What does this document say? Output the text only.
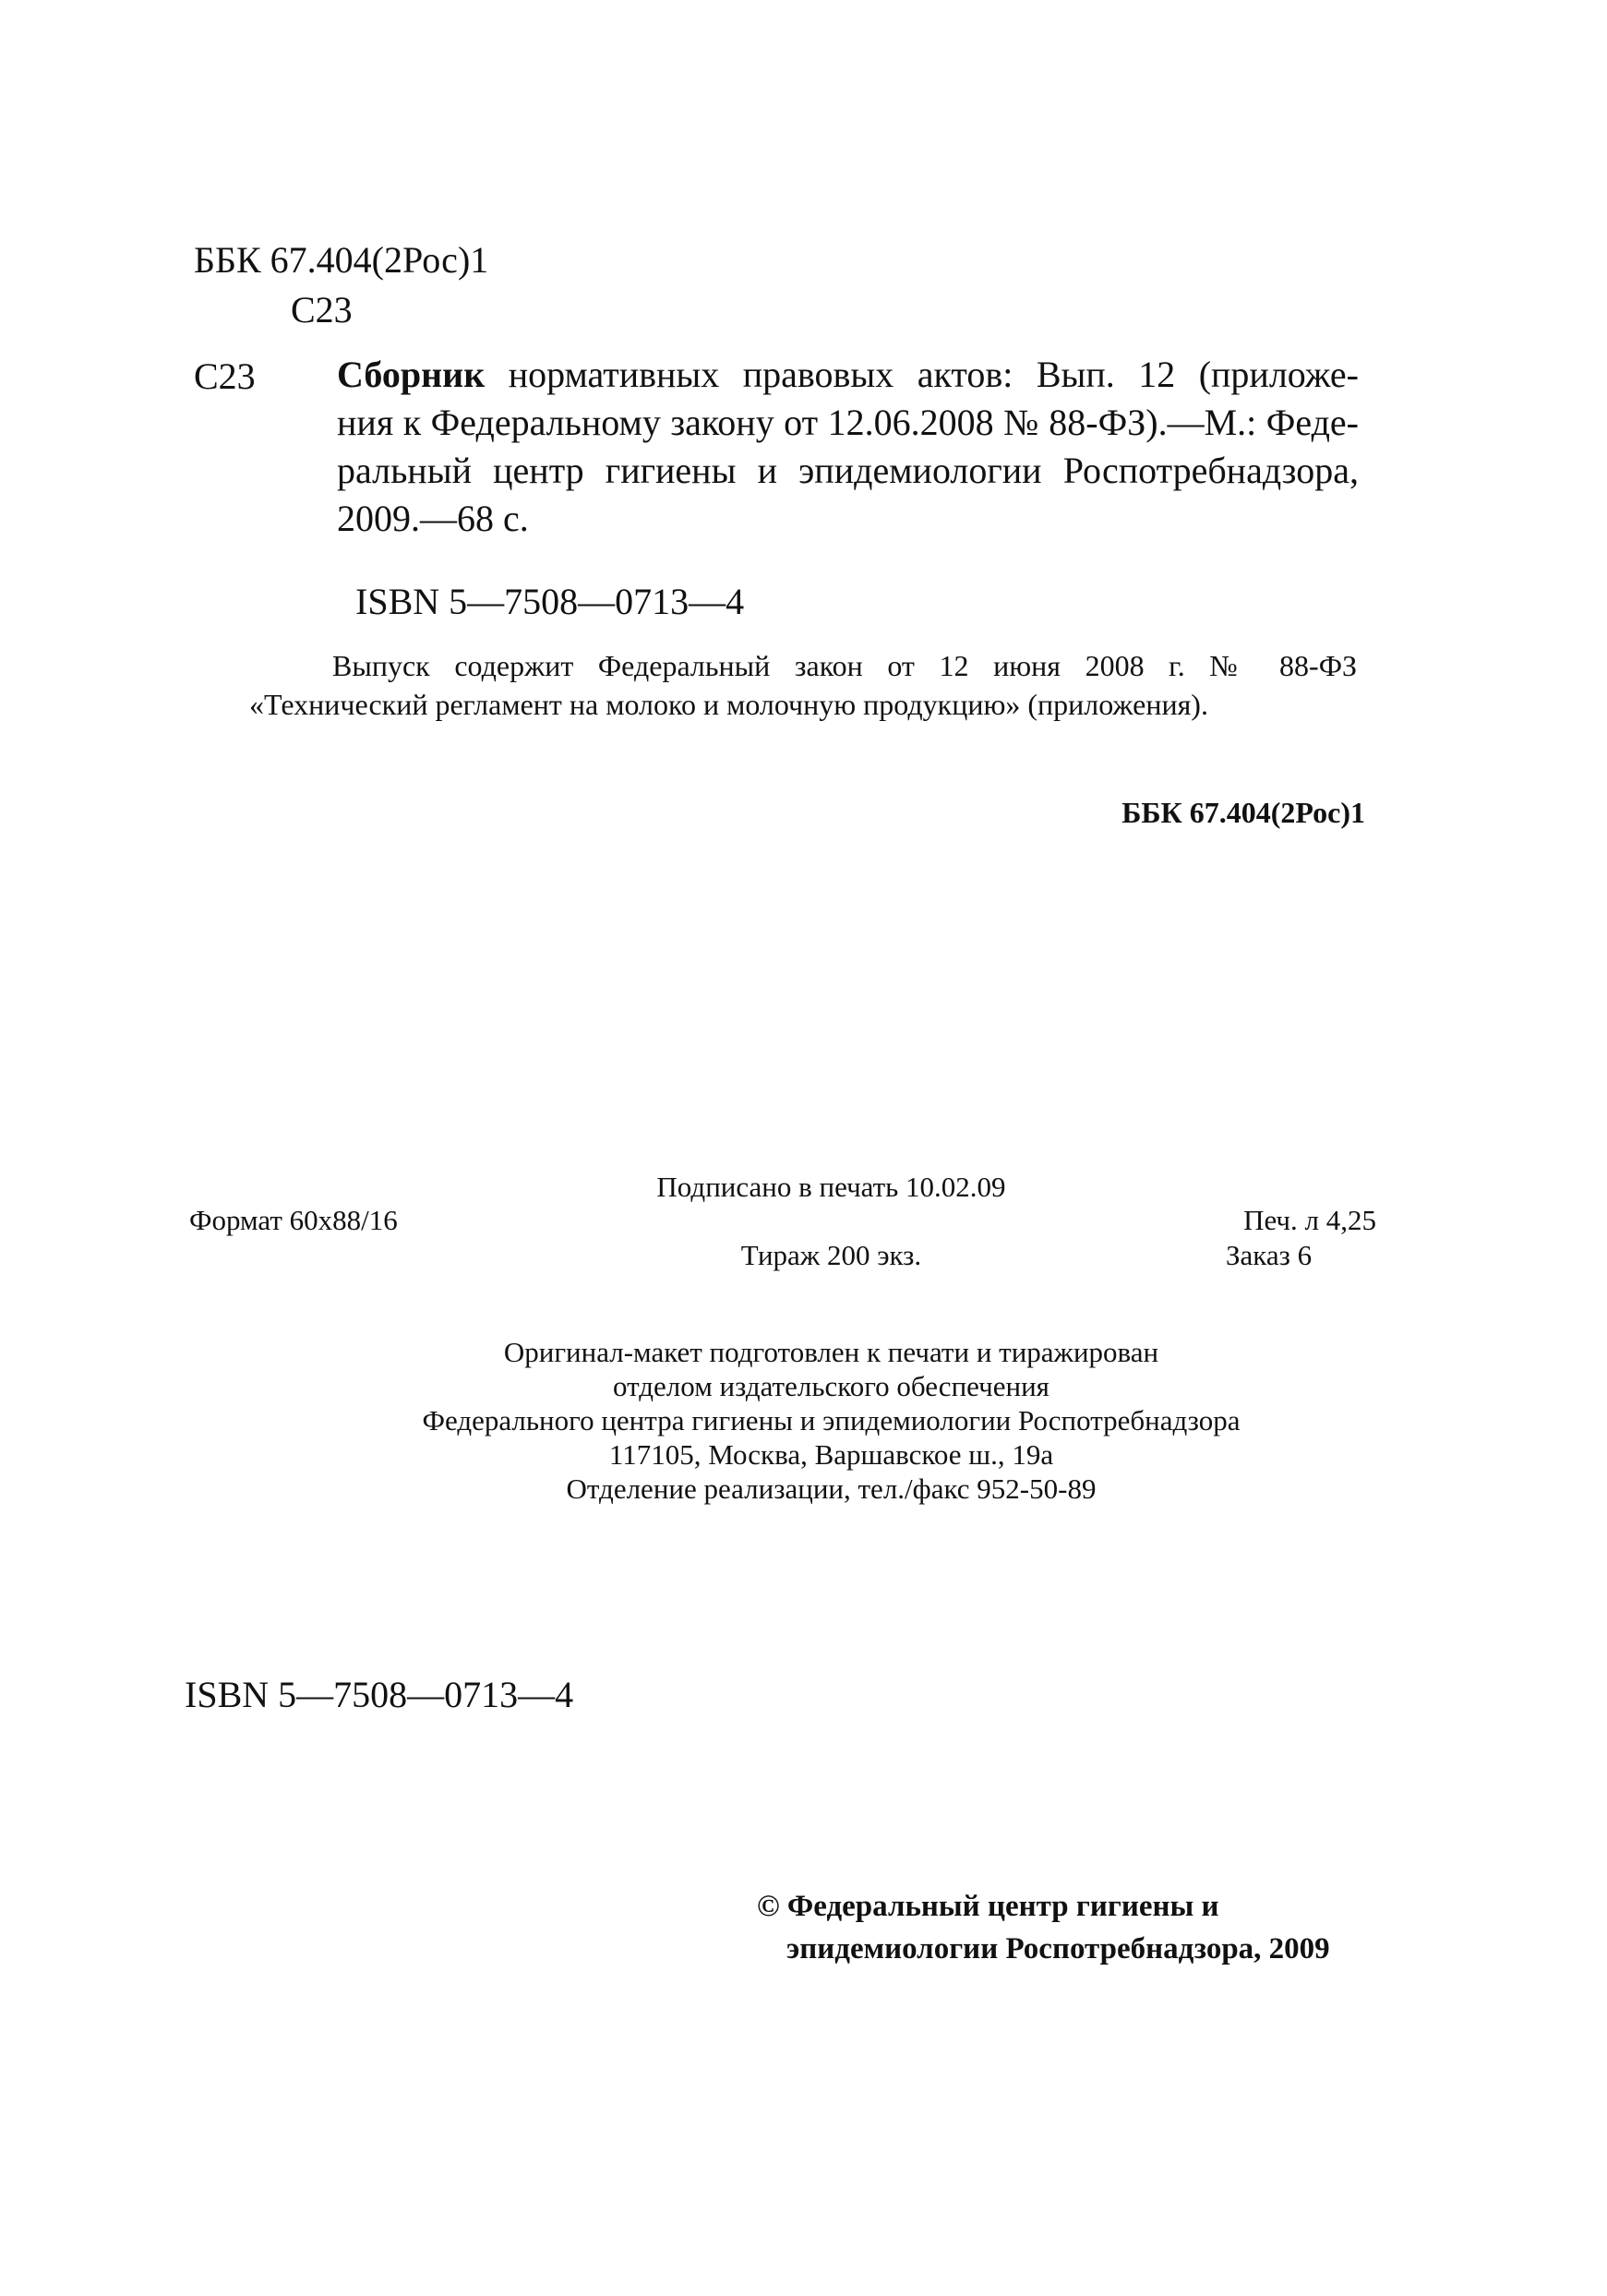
ББК 67.404(2Рос)1
С23
С23 Сборник нормативных правовых актов: Вып. 12 (приложе-
ния к Федеральному закону от 12.06.2008 № 88-ФЗ).—М.: Феде-
ральный центр гигиены и эпидемиологии Роспотребнадзора,
2009.—68 с.
ISBN 5—7508—0713—4
Выпуск содержит Федеральный закон от 12 июня 2008 г. № 88-ФЗ
«Технический регламент на молоко и молочную продукцию» (приложения).
ББК 67.404(2Рос)1
Подписано в печать 10.02.09
Формат 60x88/16	Печ. л 4,25
Тираж 200 экз.	Заказ 6
Оригинал-макет подготовлен к печати и тиражирован
отделом издательского обеспечения
Федерального центра гигиены и эпидемиологии Роспотребнадзора
117105, Москва, Варшавское ш., 19а
Отделение реализации, тел./факс 952-50-89
ISBN 5—7508—0713—4
© Федеральный центр гигиены и
эпидемиологии Роспотребнадзора, 2009
